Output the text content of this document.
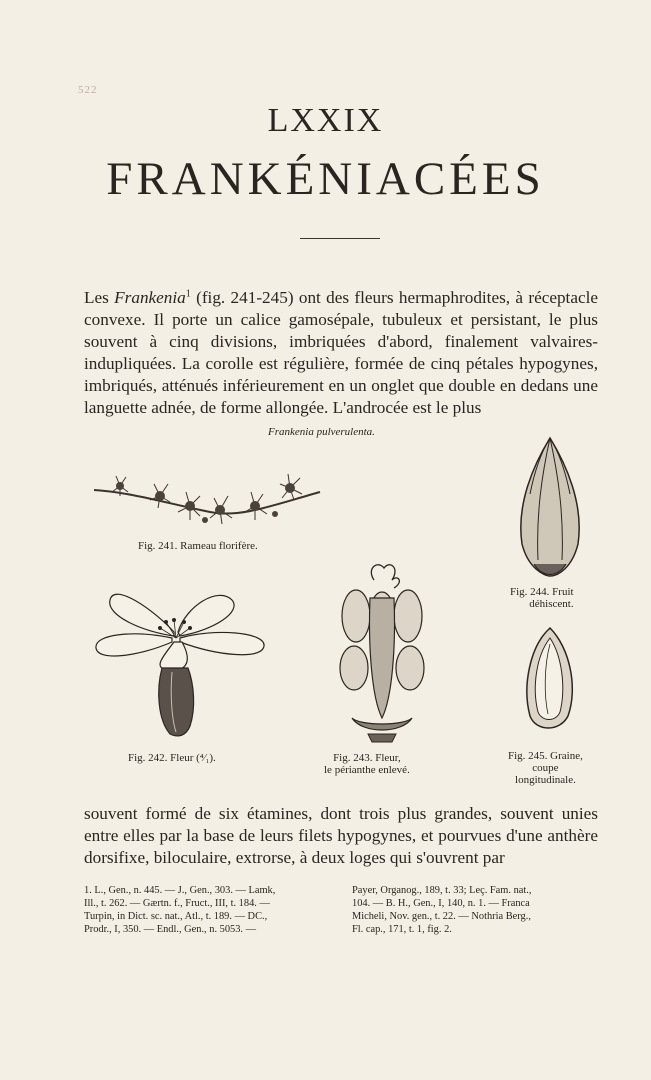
522
LXXIX
FRANKÉNIACÉES

Les Frankenia$^1$ (fig. 241-245) ont des fleurs hermaphrodites, à réceptacle convexe. Il porte un calice gamosépale, tubuleux et persistant, le plus souvent à cinq divisions, imbriquées d'abord, finalement valvaires-indupliquées. La corolle est régulière, formée de cinq pétales hypogynes, imbriqués, atténués inférieurement en un onglet que double en dedans une languette adnée, de forme allongée. L'androcée est le plus

Frankenia pulverulenta.
Fig. 241. Rameau florifère.
Fig. 244. Fruit
déhiscent.
Fig. 242. Fleur (⁴⁄₁).	Fig. 243. Fleur,
le périanthe enlevé.
Fig. 245. Graine,
coupe
longitudinale.

souvent formé de six étamines, dont trois plus grandes, souvent unies entre elles par la base de leurs filets hypogynes, et pourvues d'une anthère dorsifixe, biloculaire, extrorse, à deux loges qui s'ouvrent par

1. L., Gen., n. 445. — J., Gen., 303. — Lamk,
Ill., t. 262. — Gærtn. f., Fruct., III, t. 184. —
Turpin, in Dict. sc. nat., Atl., t. 189. — DC.,
Prodr., I, 350. — Endl., Gen., n. 5053. —
Payer, Organog., 189, t. 33; Leç. Fam. nat.,
104. — B. H., Gen., I, 140, n. 1. — Franca
Micheli, Nov. gen., t. 22. — Nothria Berg.,
Fl. cap., 171, t. 1, fig. 2.
